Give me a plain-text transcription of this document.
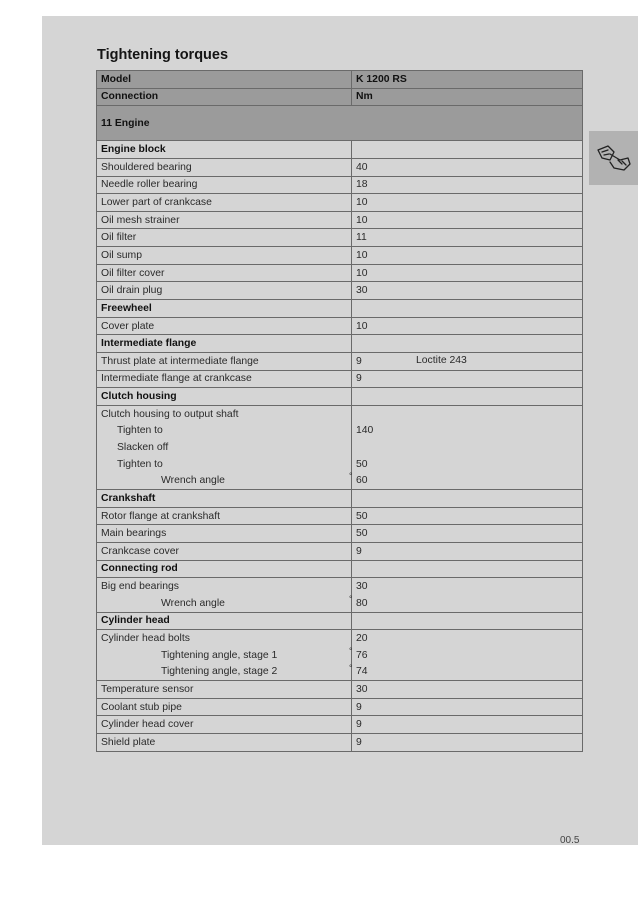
Tightening torques
Model	K 1200 RS
Connection	Nm
11 Engine	
Engine block	
Shouldered bearing	40
Needle roller bearing	18
Lower part of crankcase	10
Oil mesh strainer	10
Oil filter	11
Oil sump	10
Oil filter cover	10
Oil drain plug	30
Freewheel	
Cover plate	10
Intermediate flange	
Thrust plate at intermediate flange	9 Loctite 243

Intermediate flange at crankcase	9
Clutch housing	
Clutch housing to output shaft	
Tighten to	140
Slacken off	
Tighten to	50
Wrench angle	° 60
Crankshaft	
Rotor flange at crankshaft	50
Main bearings	50
Crankcase cover	9
Connecting rod	
Big end bearings	30
Wrench angle	° 80
Cylinder head	
Cylinder head bolts	20
Tightening angle, stage 1	° 76
Tightening angle, stage 2	° 74
Temperature sensor	30
Coolant stub pipe	9
Cylinder head cover	9
Shield plate	9
00.5
